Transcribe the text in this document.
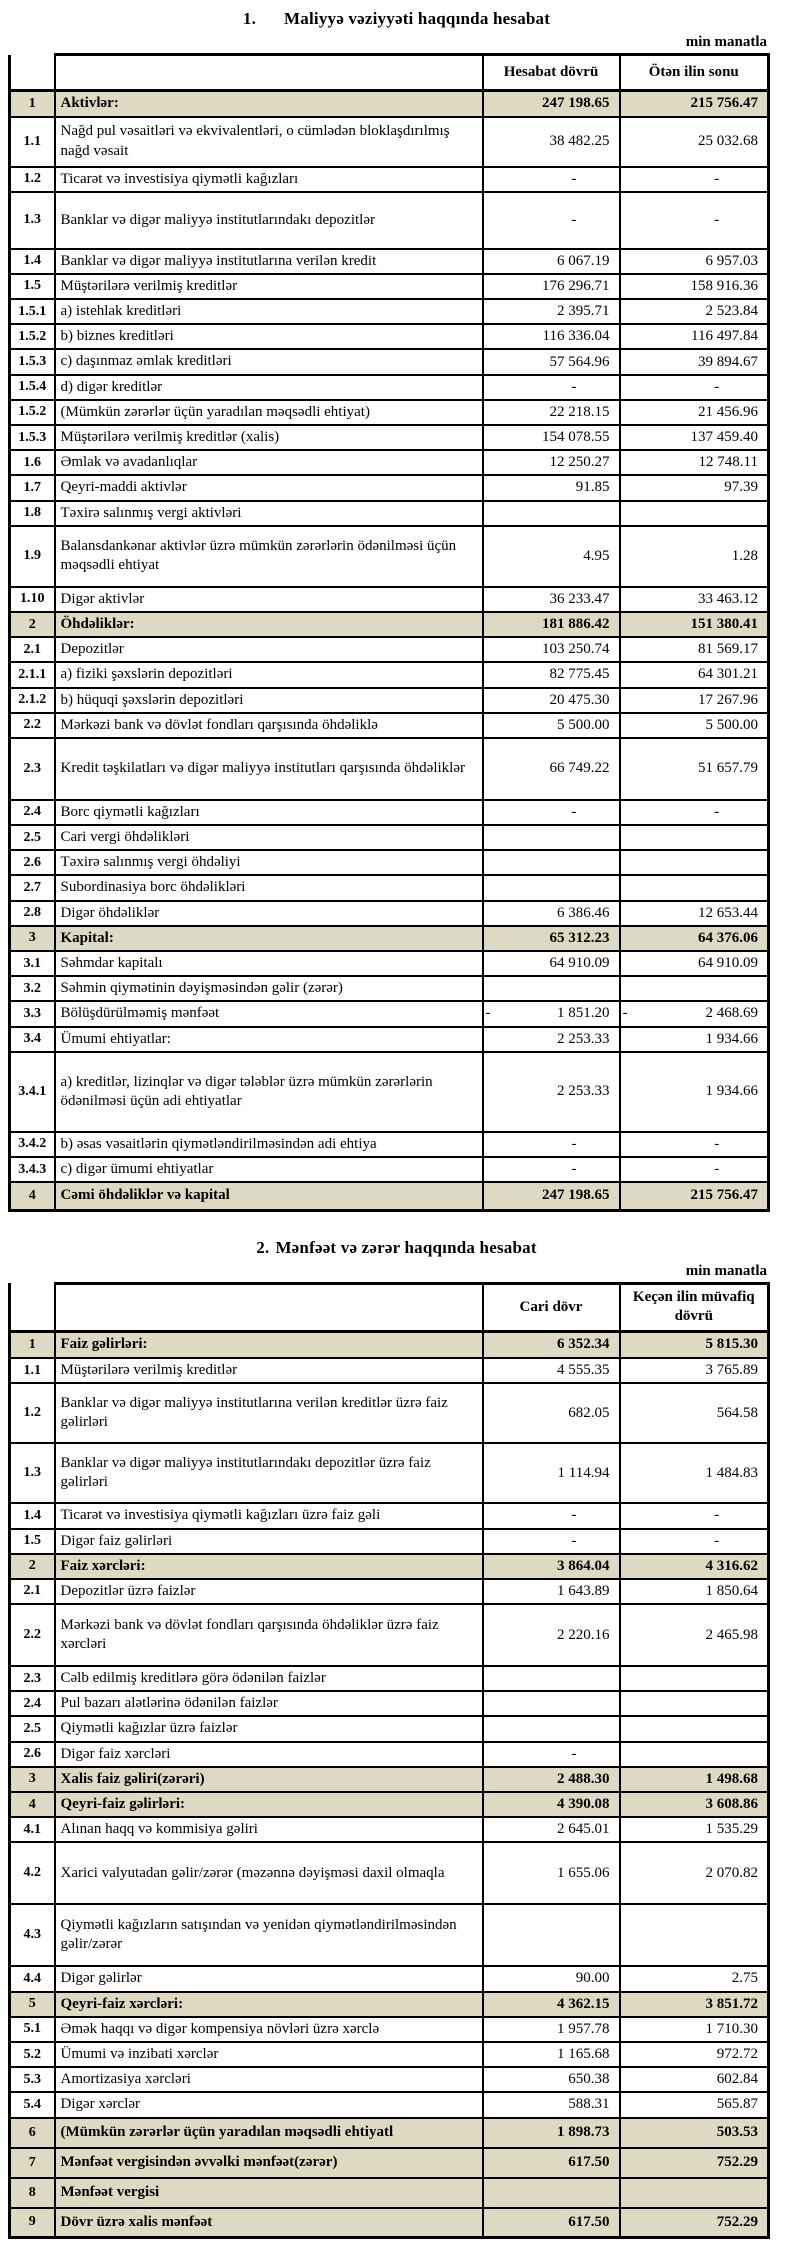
1. Maliyyə vəziyyəti haqqında hesabat
min manatla
		Hesabat dövrü	Ötən ilin sonu
1	Aktivlər:	247 198.65	215 756.47
1.1	Nağd pul vəsaitləri və ekvivalentləri, o cümlədən bloklaşdırılmış nağd vəsait	38 482.25	25 032.68
1.2	Ticarət və investisiya qiymətli kağızları	-	-
1.3	Banklar və digər maliyyə institutlarındakı depozitlər	-	-
1.4	Banklar və digər maliyyə institutlarına verilən kredit	6 067.19	6 957.03
1.5	Müştərilərə verilmiş kreditlər	176 296.71	158 916.36
1.5.1	a) istehlak kreditləri	2 395.71	2 523.84
1.5.2	b) biznes kreditləri	116 336.04	116 497.84
1.5.3	c) daşınmaz əmlak kreditləri	57 564.96	39 894.67
1.5.4	d) digər kreditlər	-	-
1.5.2	(Mümkün zərərlər üçün yaradılan məqsədli ehtiyat)	22 218.15	21 456.96
1.5.3	Müştərilərə verilmiş kreditlər (xalis)	154 078.55	137 459.40
1.6	Əmlak və avadanlıqlar	12 250.27	12 748.11
1.7	Qeyri-maddi aktivlər	91.85	97.39
1.8	Təxirə salınmış vergi aktivləri		
1.9	Balansdankənar aktivlər üzrə mümkün zərərlərin ödənilməsi üçün məqsədli ehtiyat	4.95	1.28
1.10	Digər aktivlər	36 233.47	33 463.12
2	Öhdəliklər:	181 886.42	151 380.41
2.1	Depozitlər	103 250.74	81 569.17
2.1.1	a) fiziki şəxslərin depozitləri	82 775.45	64 301.21
2.1.2	b) hüquqi şəxslərin depozitləri	20 475.30	17 267.96
2.2	Mərkəzi bank və dövlət fondları qarşısında öhdəliklə	5 500.00	5 500.00
2.3	Kredit təşkilatları və digər maliyyə institutları qarşısında öhdəliklər	66 749.22	51 657.79
2.4	Borc qiymətli kağızları	-	-
2.5	Cari vergi öhdəlikləri		
2.6	Təxirə salınmış vergi öhdəliyi		
2.7	Subordinasiya borc öhdəlikləri		
2.8	Digər öhdəliklər	6 386.46	12 653.44
3	Kapital:	65 312.23	64 376.06
3.1	Səhmdar kapitalı	64 910.09	64 910.09
3.2	Səhmin qiymətinin dəyişməsindən gəlir (zərər)		
3.3	Bölüşdürülməmiş mənfəət	- 1 851.20	- 2 468.69
3.4	Ümumi ehtiyatlar:	2 253.33	1 934.66
3.4.1	a) kreditlər, lizinqlər və digər tələblər üzrə mümkün zərərlərin ödənilməsi üçün adi ehtiyatlar	2 253.33	1 934.66
3.4.2	b) əsas vəsaitlərin qiymətləndirilməsindən adi ehtiya	-	-
3.4.3	c) digər ümumi ehtiyatlar	-	-
4	Cəmi öhdəliklər və kapital	247 198.65	215 756.47
2. Mənfəət və zərər haqqında hesabat
min manatla
		Cari dövr	Keçən ilin müvafiq dövrü
1	Faiz gəlirləri:	6 352.34	5 815.30
1.1	Müştərilərə verilmiş kreditlər	4 555.35	3 765.89
1.2	Banklar və digər maliyyə institutlarına verilən kreditlər üzrə faiz gəlirləri	682.05	564.58
1.3	Banklar və digər maliyyə institutlarındakı depozitlər üzrə faiz gəlirləri	1 114.94	1 484.83
1.4	Ticarət və investisiya qiymətli kağızları üzrə faiz gəli	-	-
1.5	Digər faiz gəlirləri	-	-
2	Faiz xərcləri:	3 864.04	4 316.62
2.1	Depozitlər üzrə faizlər	1 643.89	1 850.64
2.2	Mərkəzi bank və dövlət fondları qarşısında öhdəliklər üzrə faiz xərcləri	2 220.16	2 465.98
2.3	Cəlb edilmiş kreditlərə görə ödənilən faizlər		
2.4	Pul bazarı alətlərinə ödənilən faizlər		
2.5	Qiymətli kağızlar üzrə faizlər		
2.6	Digər faiz xərcləri	-	
3	Xalis faiz gəliri(zərəri)	2 488.30	1 498.68
4	Qeyri-faiz gəlirləri:	4 390.08	3 608.86
4.1	Alınan haqq və kommisiya gəliri	2 645.01	1 535.29
4.2	Xarici valyutadan gəlir/zərər (məzənnə dəyişməsi daxil olmaqla	1 655.06	2 070.82
4.3	Qiymətli kağızların satışından və yenidən qiymətləndirilməsindən gəlir/zərər		
4.4	Digər gəlirlər	90.00	2.75
5	Qeyri-faiz xərcləri:	4 362.15	3 851.72
5.1	Əmək haqqı və digər kompensiya növləri üzrə xərclə	1 957.78	1 710.30
5.2	Ümumi və inzibati xərclər	1 165.68	972.72
5.3	Amortizasiya xərcləri	650.38	602.84
5.4	Digər xərclər	588.31	565.87
6	(Mümkün zərərlər üçün yaradılan məqsədli ehtiyatl	1 898.73	503.53
7	Mənfəət vergisindən əvvəlki mənfəət(zərər)	617.50	752.29
8	Mənfəət vergisi		
9	Dövr üzrə xalis mənfəət	617.50	752.29
